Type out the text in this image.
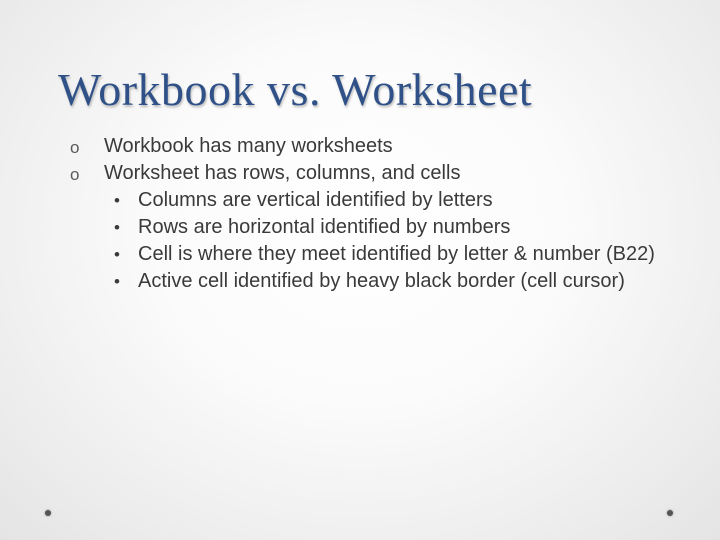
Workbook vs. Worksheet
o Workbook has many worksheets
o Worksheet has rows, columns, and cells
• Columns are vertical identified by letters
• Rows are horizontal identified by numbers
• Cell is where they meet identified by letter & number (B22)
• Active cell identified by heavy black border (cell cursor)
